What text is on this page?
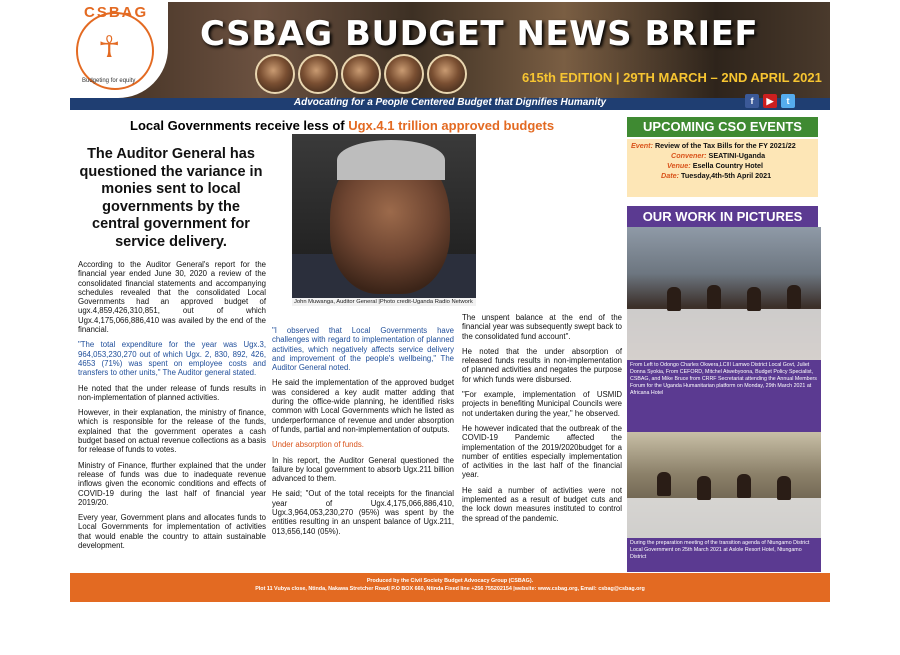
CSBAG
☥
Budgeting for equity
CSBAG BUDGET NEWS BRIEF
615th EDITION | 29TH MARCH – 2ND APRIL 2021
Advocating for a People Centered Budget that Dignifies Humanity	f	▶	t
Local Governments receive less of Ugx.4.1 trillion approved budgets
The Auditor General has questioned the variance in monies sent to local governments by the central government for service delivery.
John Muwanga, Auditor General |Photo credit-Uganda Radio Network

According to the Auditor General's report for the financial year ended June 30, 2020 a review of the consolidated financial statements and accompanying schedules revealed that the consolidated Local Governments had an approved budget of ugx.4,859,426,310,851, out of which Ugx.4,175,066,886,410 was availed by the end of the financial.

"The total expenditure for the year was Ugx.3, 964,053,230,270 out of which Ugx. 2, 830, 892, 426, 4653 (71%) was spent on employee costs and transfers to other units," The Auditor general stated.

He noted that the under release of funds results in non-implementation of planned activities.

However, in their explanation, the ministry of finance, which is responsible for the release of the funds, explained that the government operates a cash budget based on actual revenue collections as a basis for release of funds to votes.

Ministry of Finance, ffurther explained that the under release of funds was due to inadequate revenue inflows given the economic conditions and effects of COVID-19 during the last half of financial year 2019/20.

Every year, Government plans and allocates funds to Local Governments for implementation of activities that would enable the country to attain sustainable development.

"I observed that Local Governments have challenges with regard to implementation of planned activities, which negatively affects service delivery and improvement of the people's wellbeing," The Auditor General noted.

He said the implementation of the approved budget was considered a key audit matter adding that during the office-wide planning, he identified risks common with Local Governments which he listed as underperformance of revenue and under absorption of funds, partial and non-implementation of outputs.

Under absorption of funds.

In his report, the Auditor General questioned the failure by local government to absorb Ugx.211 billion advanced to them.

He said; "Out of the total receipts for the financial year of Ugx.4,175,066,886,410, Ugx.3,964,053,230,270 (95%) was spent by the entities resulting in an unspent balance of Ugx.211, 013,656,140 (05%).

The unspent balance at the end of the financial year was subsequently swept back to the consolidated fund account".

He noted that the under absorption of released funds results in non-implementation of planned activities and negates the purpose for which funds were disbursed.

"For example, implementation of USMID projects in benefiting Municipal Councils were not undertaken during the year," he observed.

He however indicated that the outbreak of the COVID-19 Pandemic affected the implementation of the 2019/2020budget for a number of entities especially implementation of activities in the last half of the financial year.

He said a number of activities were not implemented as a result of budget cuts and the lock down measures instituted to control the spread of the pandemic.

UPCOMING CSO EVENTS
Event: Review of the Tax Bills for the FY 2021/22
Convener: SEATINI-Uganda
Venue: Esella Country Hotel
Date: Tuesday,4th-5th April 2021
OUR WORK IN PICTURES
From Left to Odongo Charles Okwera,LCIII Lamwo District Local Govt, Juliet Donna Syokia, From CEFORD, Mitchel Atwebyoona, Budget Policy Specialist, CSBAG, and Mike Bruce from CRRF Secretariat attending the Annual Members Forum for the Uganda Humanitarian platform on Monday, 29th March 2021 at Africana Hotel
During the preparation meeting of the transition agenda of Ntungamo District Local Government on 25th March 2021 at Aslole Resort Hotel, Ntungamo District
Produced by the Civil Society Budget Advocacy Group (CSBAG).
Plot 11 Vubya close, Ntinda, Nakawa Stretcher Road| P.O BOX 660, Ntinda Fixed line +256 755202154 |website: www.csbag.org, Email: csbag@csbag.org
